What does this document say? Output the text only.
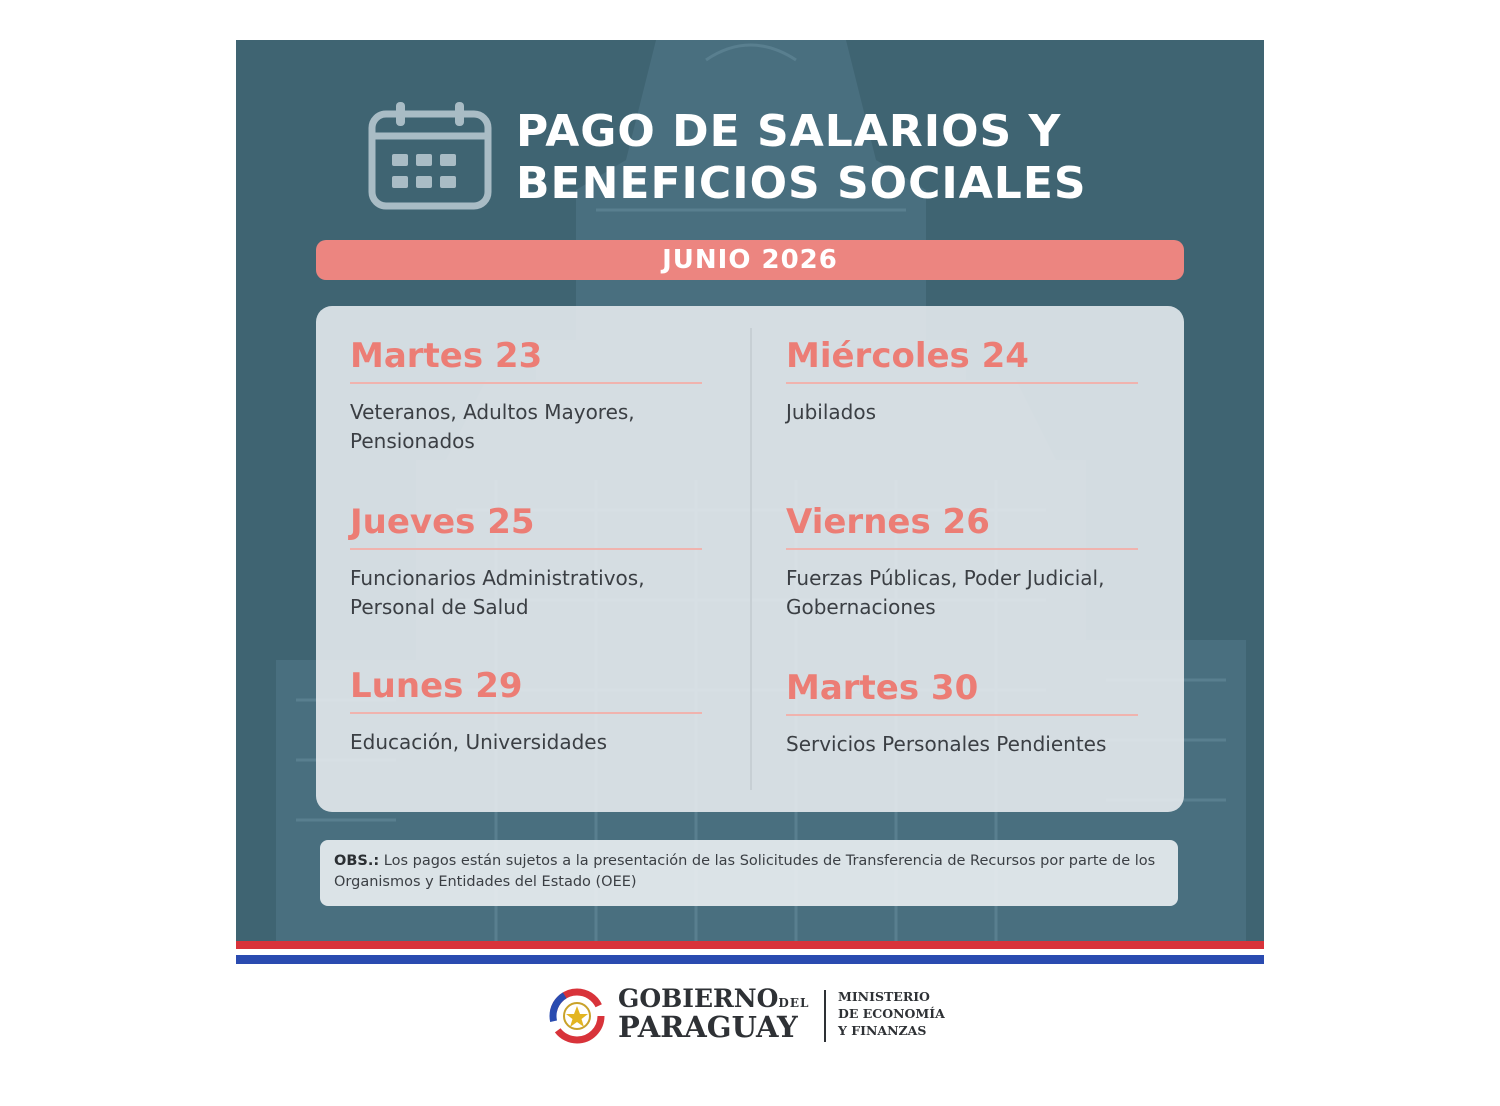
PAGO DE SALARIOS Y
BENEFICIOS SOCIALES
JUNIO 2026
Martes 23
Veteranos, Adultos Mayores, Pensionados
Miércoles 24
Jubilados
Jueves 25
Funcionarios Administrativos, Personal de Salud
Viernes 26
Fuerzas Públicas, Poder Judicial, Gobernaciones
Lunes 29
Educación, Universidades
Martes 30
Servicios Personales Pendientes
OBS.: Los pagos están sujetos a la presentación de las Solicitudes de Transferencia de Recursos por parte de los Organismos y Entidades del Estado (OEE)
GOBIERNODEL
PARAGUAY
MINISTERIO
DE ECONOMÍA
Y FINANZAS
